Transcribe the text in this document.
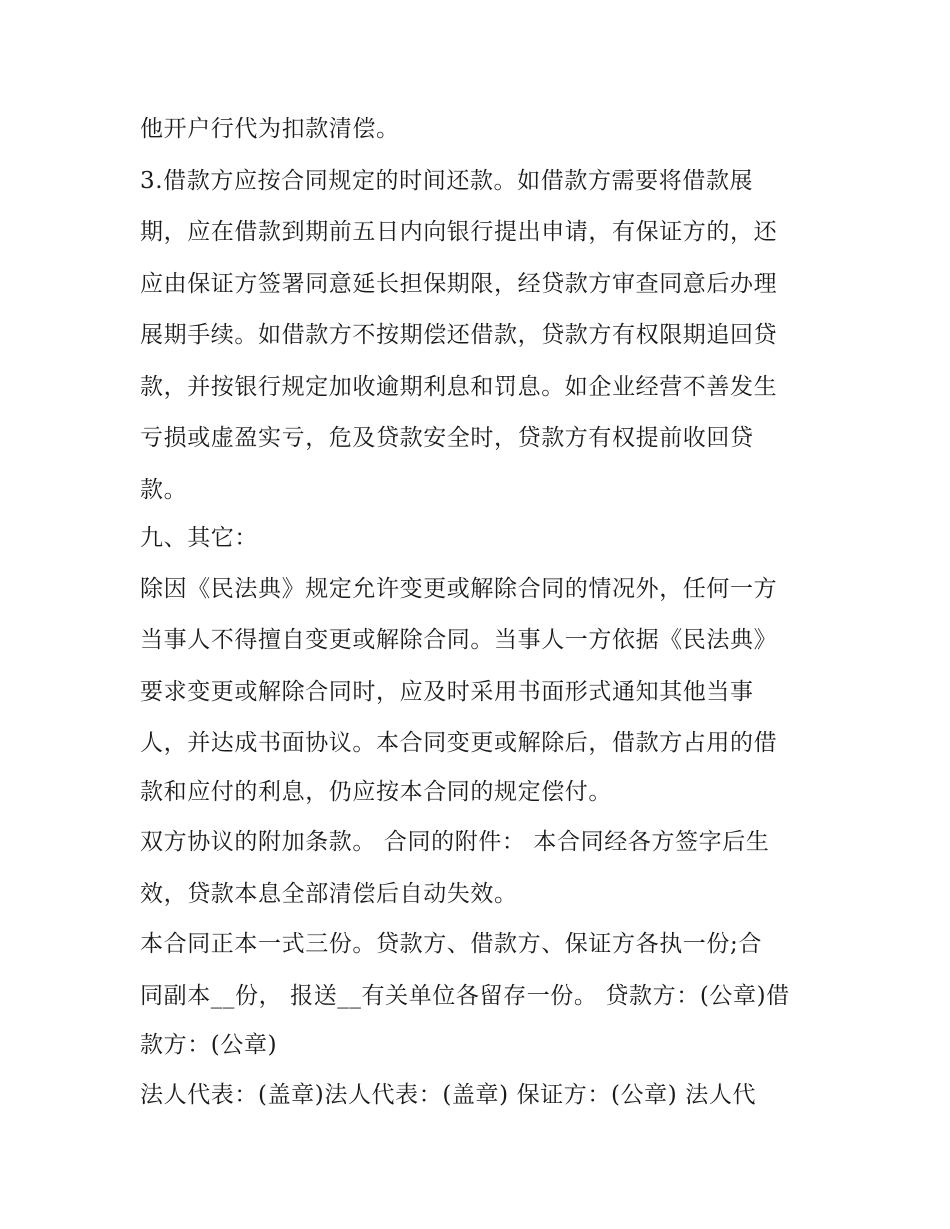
他开户行代为扣款清偿。

3.借款方应按合同规定的时间还款。如借款方需要将借款展

期，应在借款到期前五日内向银行提出申请，有保证方的，还

应由保证方签署同意延长担保期限，经贷款方审查同意后办理

展期手续。如借款方不按期偿还借款，贷款方有权限期追回贷

款，并按银行规定加收逾期利息和罚息。如企业经营不善发生

亏损或虚盈实亏，危及贷款安全时，贷款方有权提前收回贷

款。

九、其它：

除因《民法典》规定允许变更或解除合同的情况外，任何一方

当事人不得擅自变更或解除合同。当事人一方依据《民法典》

要求变更或解除合同时，应及时采用书面形式通知其他当事

人，并达成书面协议。本合同变更或解除后，借款方占用的借

款和应付的利息，仍应按本合同的规定偿付。

双方协议的附加条款。 合同的附件： 本合同经各方签字后生

效，贷款本息全部清偿后自动失效。

本合同正本一式三份。贷款方、借款方、保证方各执一份;合

同副本__份， 报送__有关单位各留存一份。 贷款方：(公章)借

款方：(公章)

法人代表：(盖章)法人代表：(盖章) 保证方：(公章) 法人代
